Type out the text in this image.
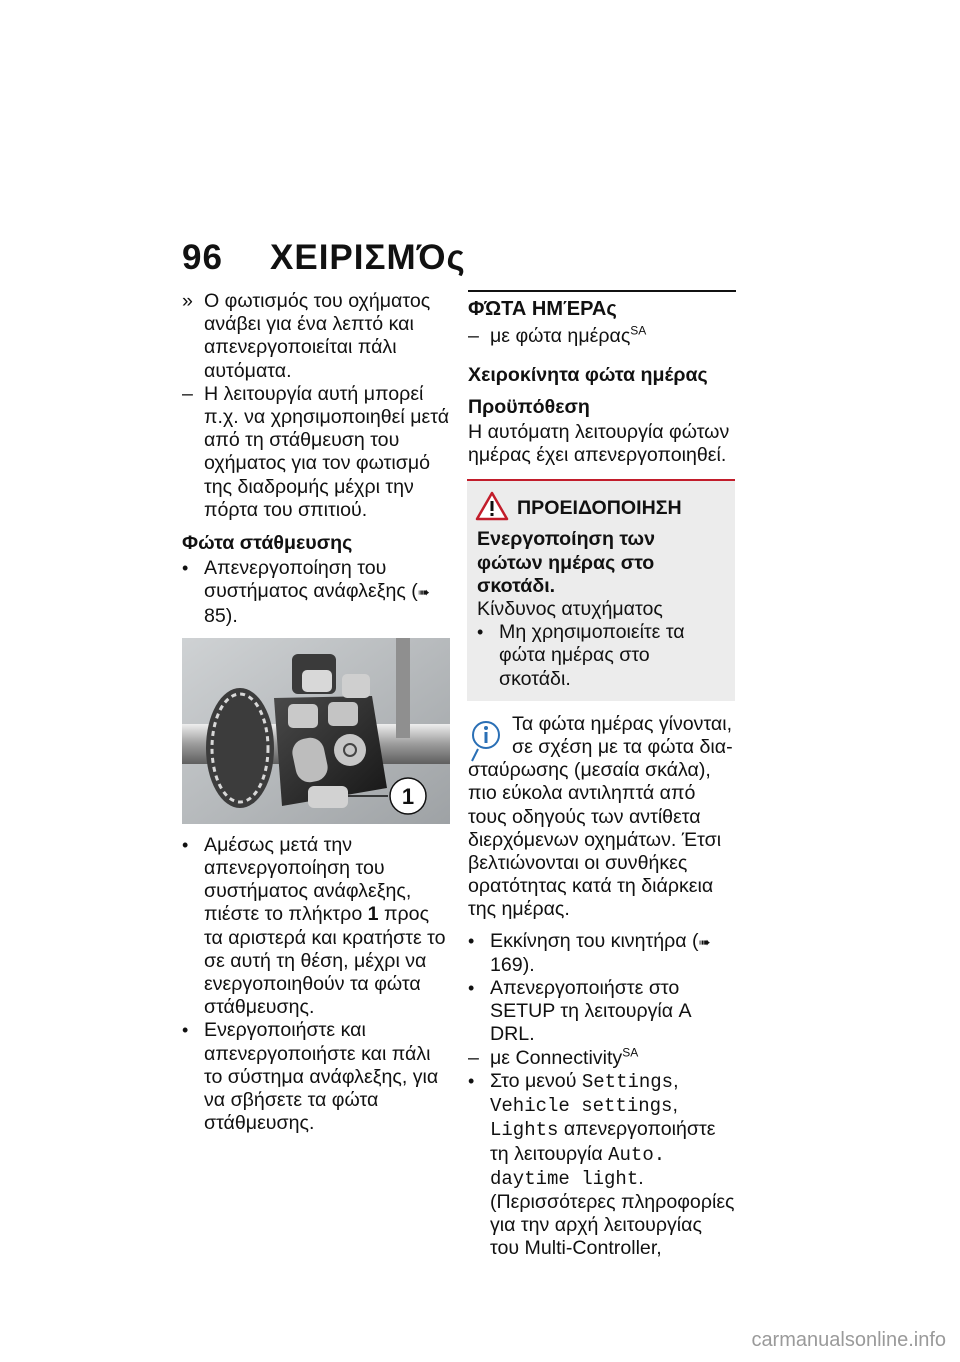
96 ΧΕΙΡΙΣΜΌς
» Ο φωτισμός του οχήματος ανάβει για ένα λεπτό και απενεργοποιείται πάλι αυτόματα.

– Η λειτουργία αυτή μπορεί π.χ. να χρησιμοποιηθεί μετά από τη στάθμευση του οχήματος για τον φωτισμό της διαδρομής μέχρι την πόρτα του σπιτιού.

Φώτα στάθμευσης

•

Απενεργοποίηση του συστήματος ανάφλεξης (➠ 85).

1
•

Αμέσως μετά την απενεργοποίηση του συστήματος ανάφλεξης, πιέστε το πλήκτρο 1 προς τα αριστερά και κρατήστε το σε αυτή τη θέση, μέχρι να ενεργοποιηθούν τα φώτα στάθμευσης.

•

Ενεργοποιήστε και απενεργοποιήστε και πάλι το σύστημα ανάφλεξης, για να σβήσετε τα φώτα στάθμευσης.

ΦΏΤΑ ΗΜΈΡΑς

– με φώτα ημέρας$^{SA}$

Χειροκίνητα φώτα ημέρας

Προϋπόθεση

Η αυτόματη λειτουργία φώτων ημέρας έχει απενεργοποιηθεί.

ΠΡΟΕΙΔΟΠΟΙΗΣΗ

Ενεργοποίηση των φώτων ημέρας στο σκοτάδι.

Κίνδυνος ατυχήματος

•

Μη χρησιμοποιείτε τα φώτα ημέρας στο σκοτάδι.

Τα φώτα ημέρας γίνονται, σε σχέση με τα φώτα δια-

σταύρωσης (μεσαία σκάλα), πιο εύκολα αντιληπτά από τους οδηγούς των αντίθετα διερχόμενων οχημάτων. Έτσι βελτιώνονται οι συνθήκες ορατότητας κατά τη διάρκεια της ημέρας.

•

Εκκίνηση του κινητήρα (➠ 169).

•

Απενεργοποιήστε στο SETUP τη λειτουργία A DRL.

– με Connectivity$^{SA}$

•

Στο μενού Settings,
Vehicle settings,
Lights απενεργοποιήστε τη λειτουργία Auto. daytime light. (Περισσότερες πληροφορίες για την αρχή λειτουργίας του Multi-Controller,

carmanualsonline.info
